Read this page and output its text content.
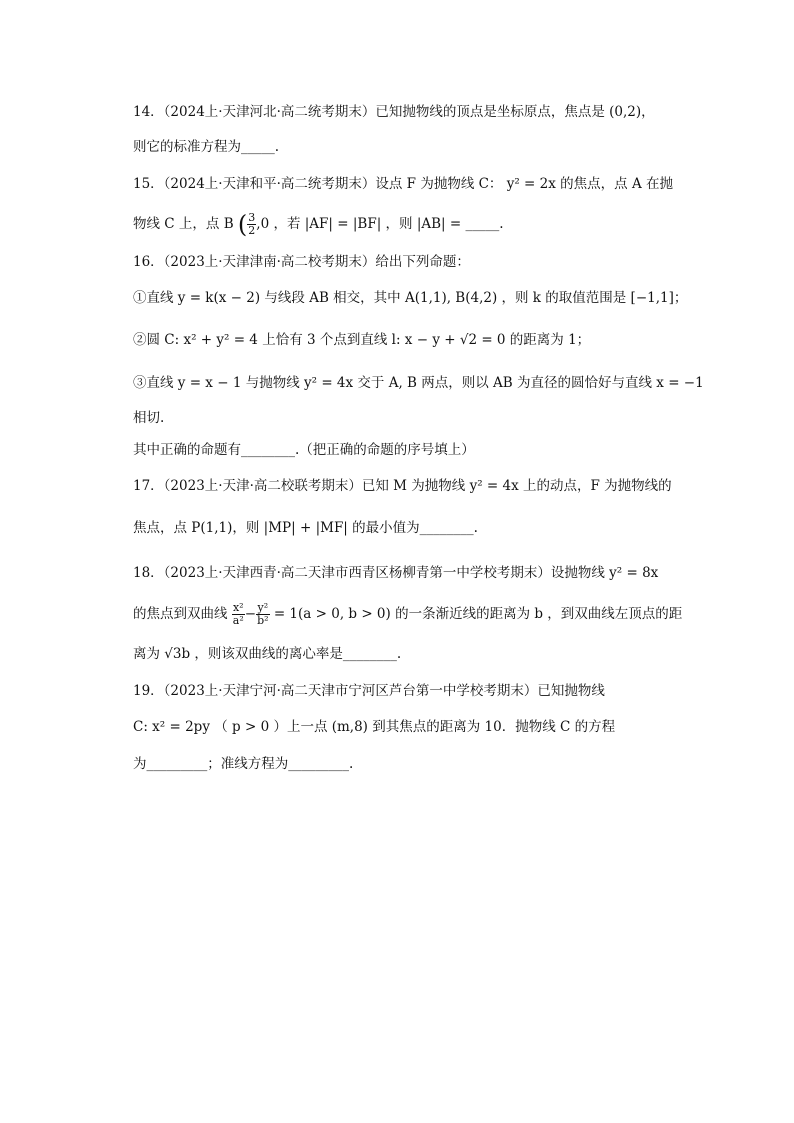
14．（2024上·天津河北·高二统考期末）已知抛物线的顶点是坐标原点，焦点是 (0,2)，
则它的标准方程为_____.
15．（2024上·天津和平·高二统考期末）设点 F 为抛物线 C： y² = 2x 的焦点，点 A 在抛
物线 C 上，点 B ( $\frac{3}{2} ,0$ ，若 |AF| = |BF| ，则 |AB| = _____.
16．（2023上·天津津南·高二校考期末）给出下列命题：
①直线 y = k(x − 2) 与线段 AB 相交，其中 A(1,1), B(4,2) ，则 k 的取值范围是 [−1,1]；
②圆 C: x² + y² = 4 上恰有 3 个点到直线 l: x − y + √2 = 0 的距离为 1；
③直线 y = x − 1 与抛物线 y² = 4x 交于 A, B 两点，则以 AB 为直径的圆恰好与直线 x = −1
相切.
其中正确的命题有________.（把正确的命题的序号填上）
17．（2023上·天津·高二校联考期末）已知 M 为抛物线 y² = 4x 上的动点，F 为抛物线的
焦点，点 P(1,1)，则 |MP| + |MF| 的最小值为________.
18．（2023上·天津西青·高二天津市西青区杨柳青第一中学校考期末）设抛物线 y² = 8x
的焦点到双曲线 $\frac{\text{x²}}{\text{a²}} - \frac{\text{y²}}{\text{b²}} = 1(a > 0$, b > 0) 的一条渐近线的距离为 b ，到双曲线左顶点的距
离为 √3b ，则该双曲线的离心率是________.
19．（2023上·天津宁河·高二天津市宁河区芦台第一中学校考期末）已知抛物线
C: x² = 2py （ p > 0 ）上一点 (m,8) 到其焦点的距离为 10．抛物线 C 的方程
为_________；准线方程为_________.
